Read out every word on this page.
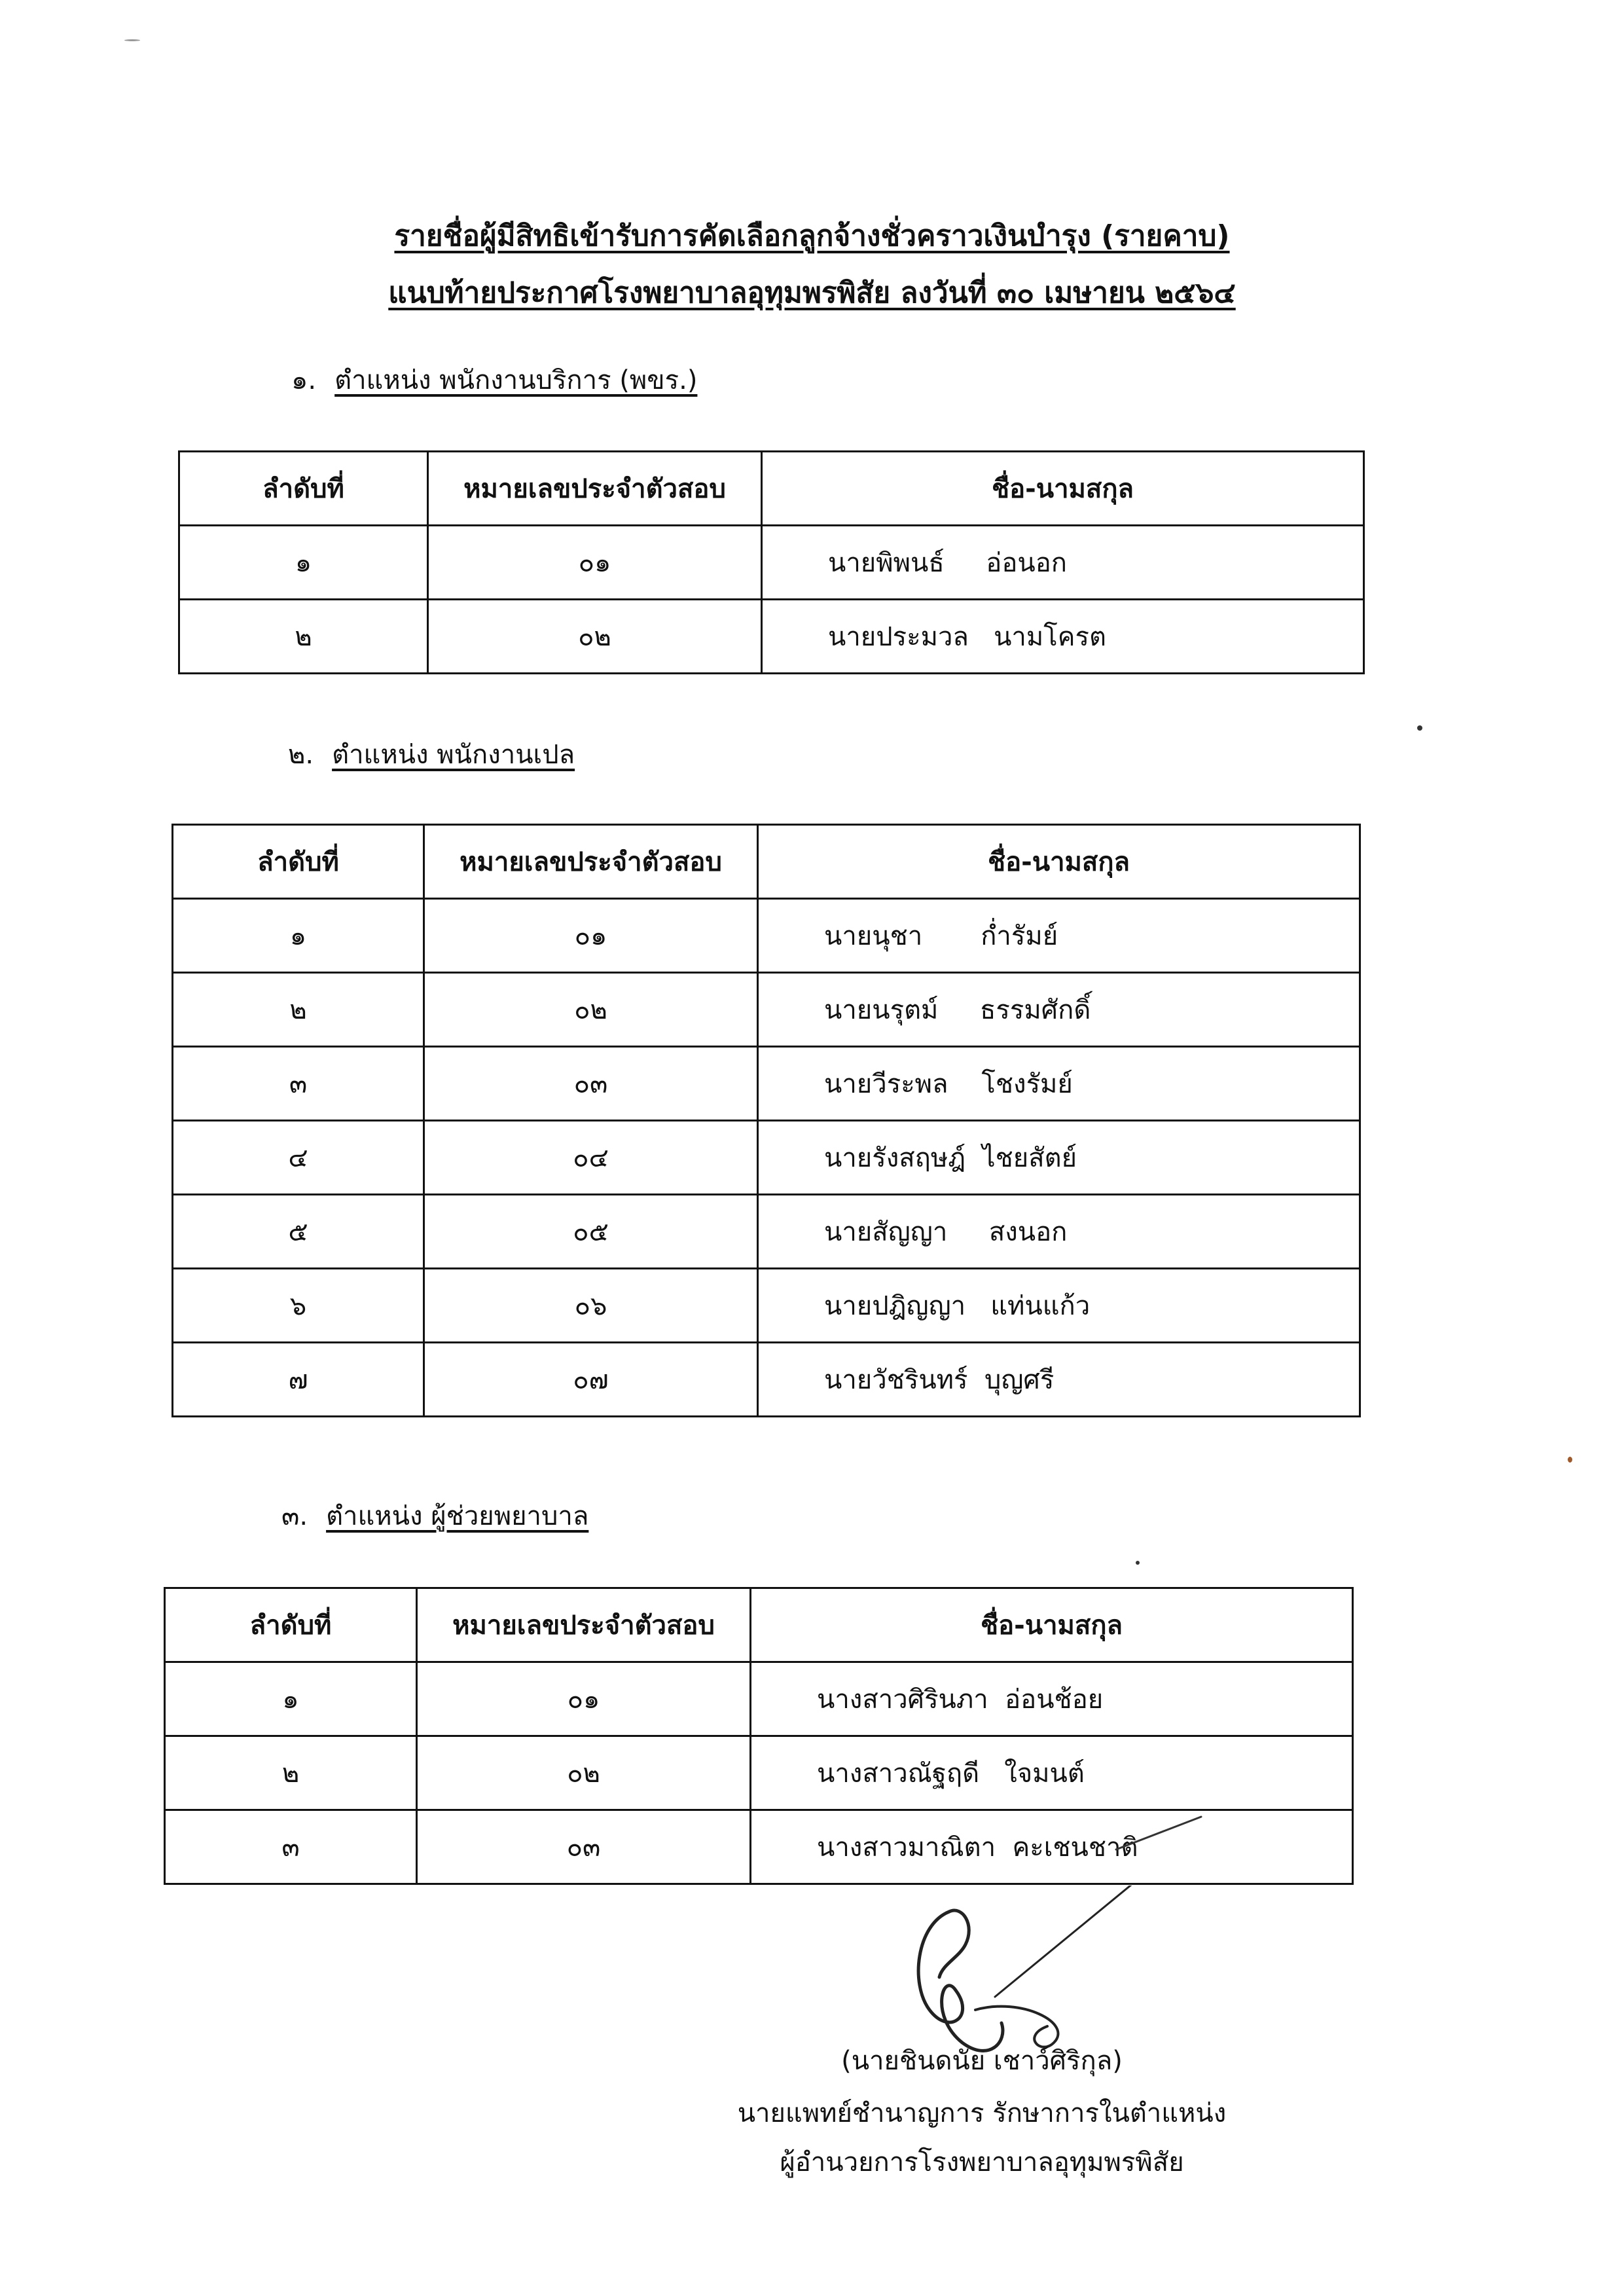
รายชื่อผู้มีสิทธิเข้ารับการคัดเลือกลูกจ้างชั่วคราวเงินบำรุง (รายคาบ)
แนบท้ายประกาศโรงพยาบาลอุทุมพรพิสัย ลงวันที่ ๓๐ เมษายน ๒๕๖๔
๑. ตำแหน่ง พนักงานบริการ (พขร.)
ลำดับที่	หมายเลขประจำตัวสอบ	ชื่อ-นามสกุล
๑	๐๑	นายพิพนธ์     อ่อนอก
๒	๐๒	นายประมวล   นามโครต
๒. ตำแหน่ง พนักงานเปล
ลำดับที่	หมายเลขประจำตัวสอบ	ชื่อ-นามสกุล
๑	๐๑	นายนุชา       ก่ำรัมย์
๒	๐๒	นายนรุตม์     ธรรมศักดิ์
๓	๐๓	นายวีระพล    โชงรัมย์
๔	๐๔	นายรังสฤษฎ์  ไชยสัตย์
๕	๐๕	นายสัญญา     สงนอก
๖	๐๖	นายปฎิญญา   แท่นแก้ว
๗	๐๗	นายวัชรินทร์  บุญศรี
๓. ตำแหน่ง ผู้ช่วยพยาบาล
ลำดับที่	หมายเลขประจำตัวสอบ	ชื่อ-นามสกุล
๑	๐๑	นางสาวศิรินภา  อ่อนช้อย
๒	๐๒	นางสาวณัฐฤดี   ใจมนต์
๓	๐๓	นางสาวมาณิตา  คะเชนชาติ
(นายชินดนัย เชาว์ศิริกุล)
นายแพทย์ชำนาญการ รักษาการในตำแหน่ง
ผู้อำนวยการโรงพยาบาลอุทุมพรพิสัย
